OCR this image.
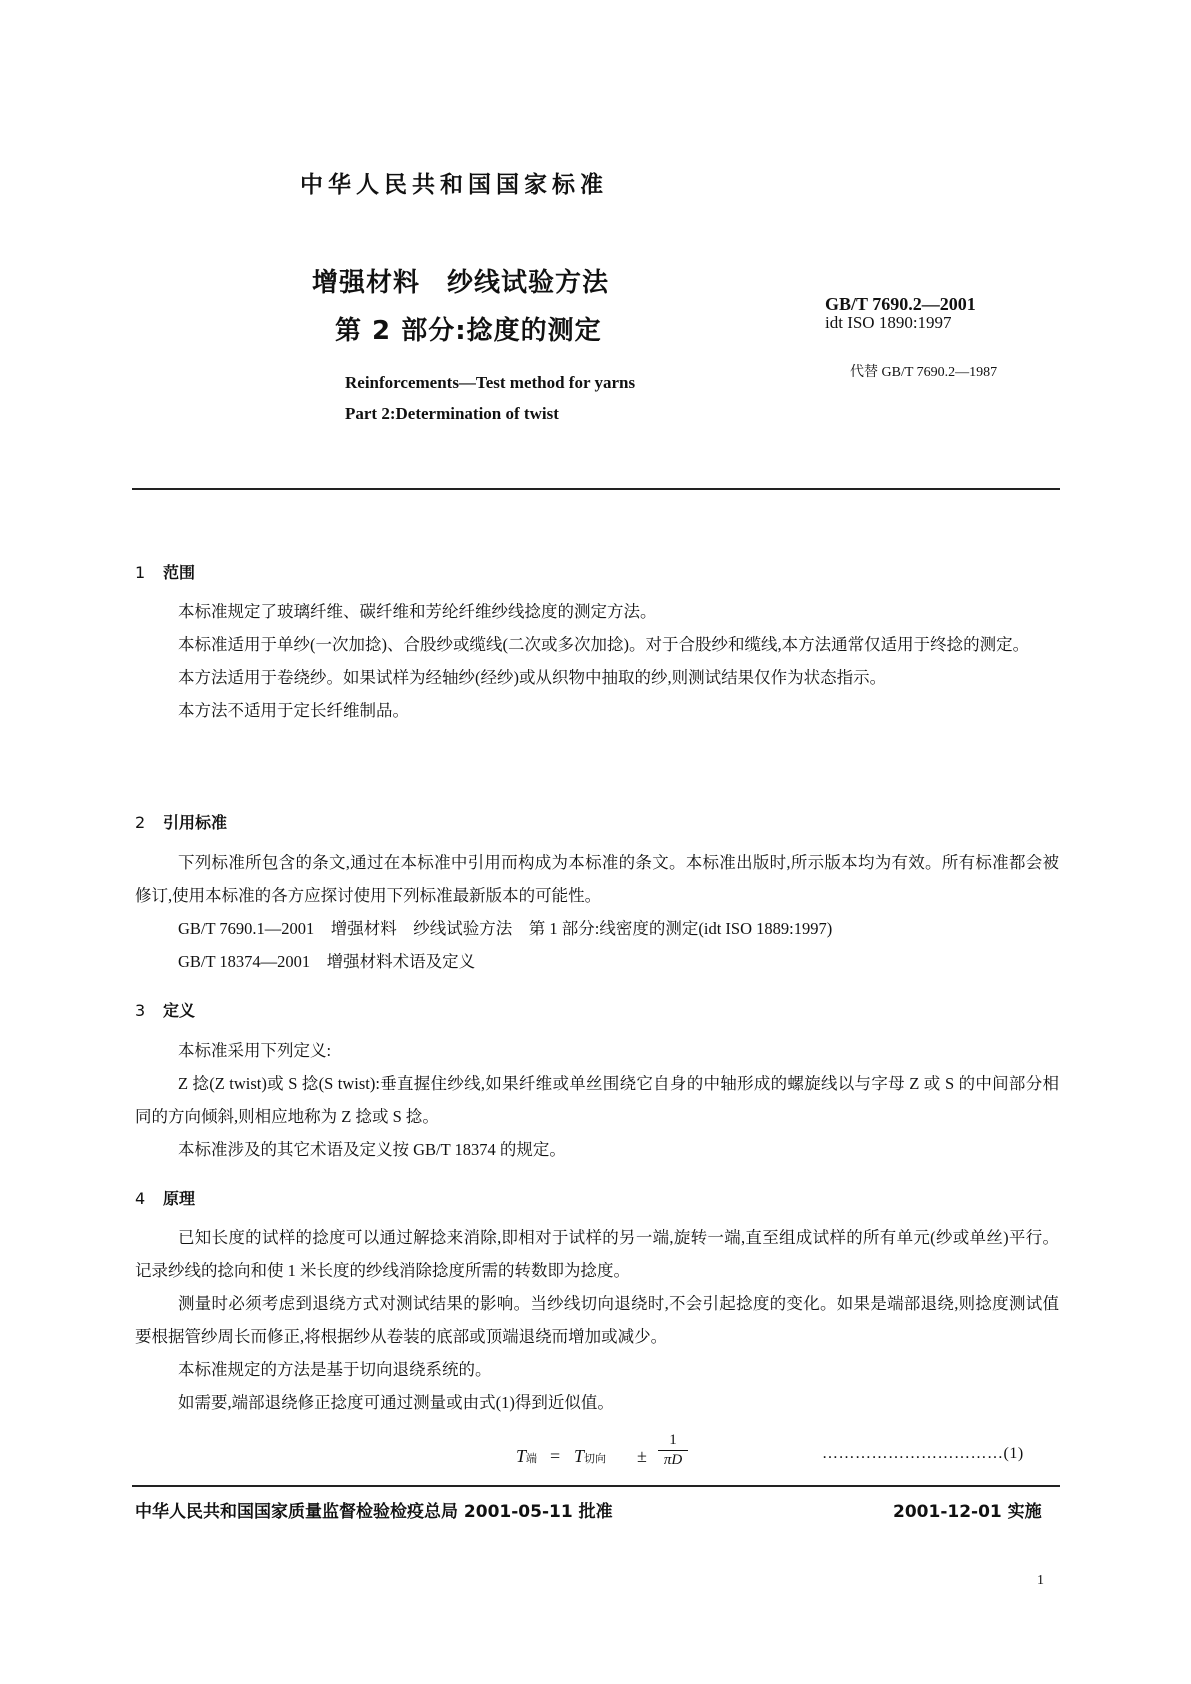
中华人民共和国国家标准
增强材料　纱线试验方法
第 2 部分:捻度的测定
Reinforcements—Test method for yarns
Part 2:Determination of twist
GB/T 7690.2—2001
idt ISO 1890:1997
代替 GB/T 7690.2—1987
1 范围

本标准规定了玻璃纤维、碳纤维和芳纶纤维纱线捻度的测定方法。

本标准适用于单纱(一次加捻)、合股纱或缆线(二次或多次加捻)。对于合股纱和缆线,本方法通常仅适用于终捻的测定。

本方法适用于卷绕纱。如果试样为经轴纱(经纱)或从织物中抽取的纱,则测试结果仅作为状态指示。

本方法不适用于定长纤维制品。

2 引用标准

下列标准所包含的条文,通过在本标准中引用而构成为本标准的条文。本标准出版时,所示版本均为有效。所有标准都会被修订,使用本标准的各方应探讨使用下列标准最新版本的可能性。

GB/T 7690.1—2001　增强材料　纱线试验方法　第 1 部分:线密度的测定(idt ISO 1889:1997)

GB/T 18374—2001　增强材料术语及定义

3 定义

本标准采用下列定义:

Z 捻(Z twist)或 S 捻(S twist):垂直握住纱线,如果纤维或单丝围绕它自身的中轴形成的螺旋线以与字母 Z 或 S 的中间部分相同的方向倾斜,则相应地称为 Z 捻或 S 捻。

本标准涉及的其它术语及定义按 GB/T 18374 的规定。

4 原理

已知长度的试样的捻度可以通过解捻来消除,即相对于试样的另一端,旋转一端,直至组成试样的所有单元(纱或单丝)平行。记录纱线的捻向和使 1 米长度的纱线消除捻度所需的转数即为捻度。

测量时必须考虑到退绕方式对测试结果的影响。当纱线切向退绕时,不会引起捻度的变化。如果是端部退绕,则捻度测试值要根据管纱周长而修正,将根据纱从卷装的底部或顶端退绕而增加或减少。

本标准规定的方法是基于切向退绕系统的。

如需要,端部退绕修正捻度可通过测量或由式(1)得到近似值。

T端 = T切向 ±
1
πD	……………………………(1)
中华人民共和国国家质量监督检验检疫总局 2001-05-11 批准	2001-12-01 实施
1
